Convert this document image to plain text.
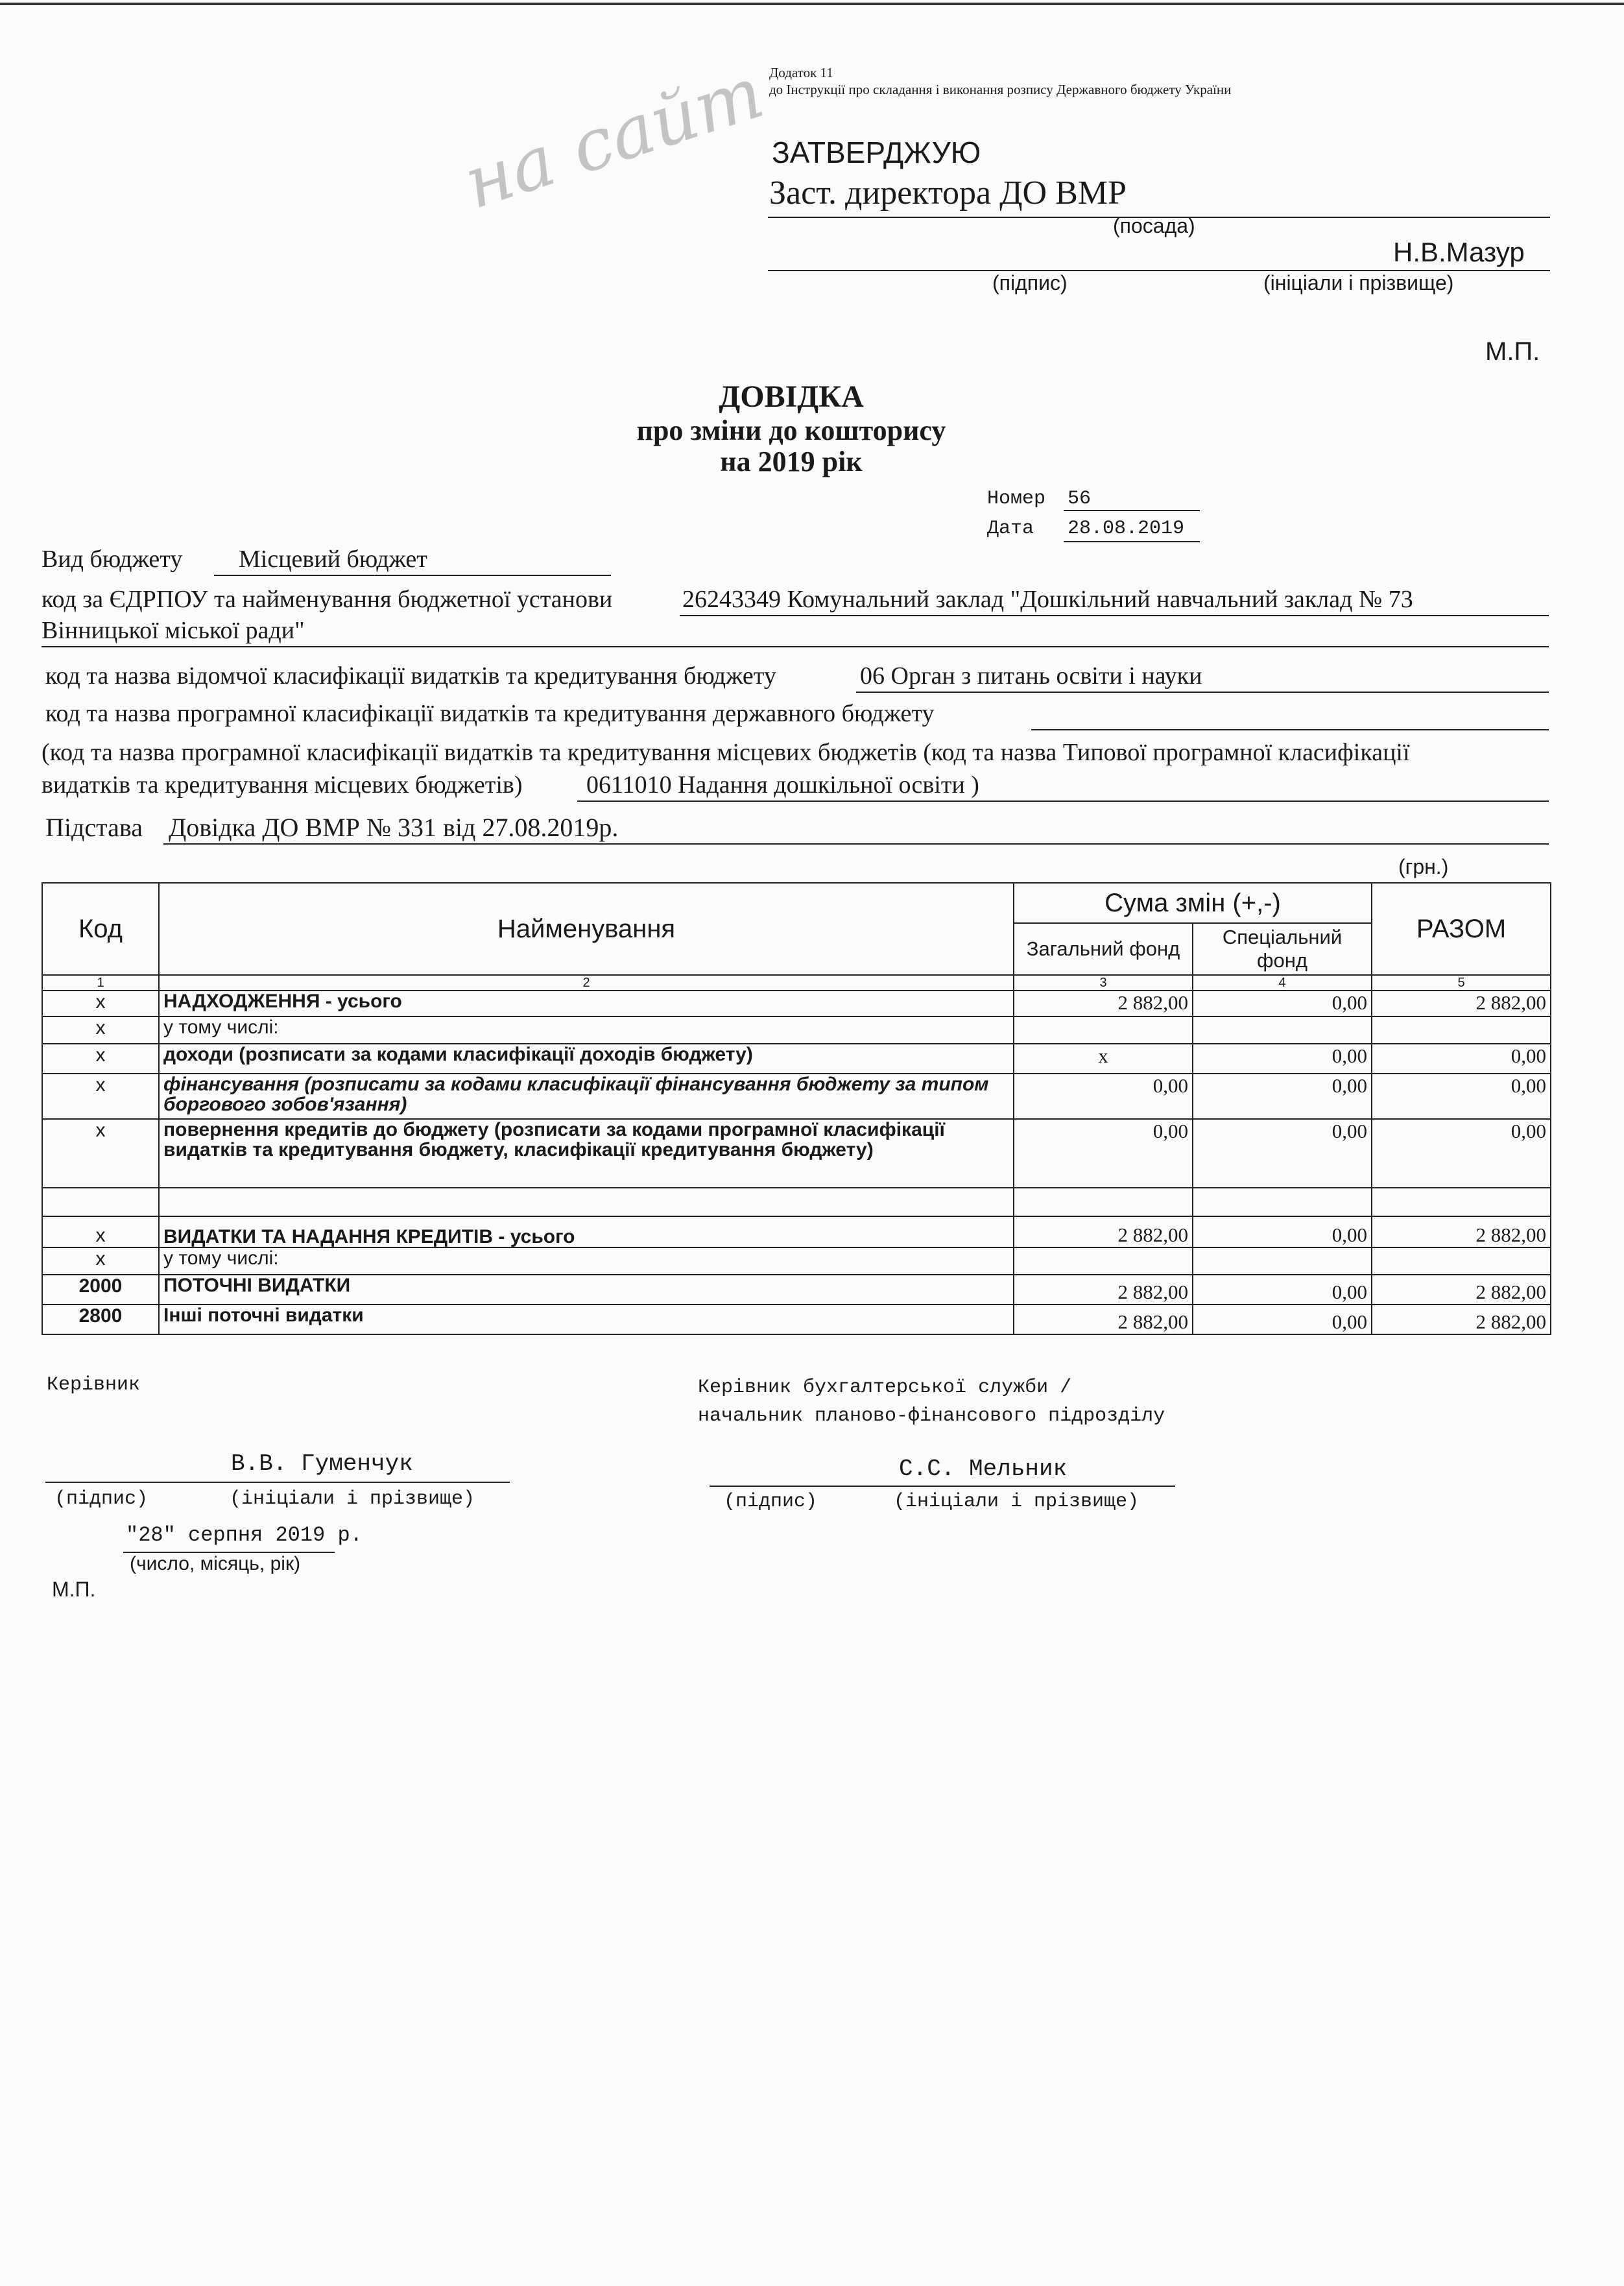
Додаток 11
до Інструкції про складання і виконання розпису Державного бюджету України
на сайт
ЗАТВЕРДЖУЮ
Заст. директора ДО ВМР
(посада)
Н.В.Мазур
(підпис)	(ініціали і прізвище)
М.П.
ДОВІДКА
про зміни до кошторису
на 2019 рік
Номер 56
Дата 28.08.2019
Вид бюджету Місцевий бюджет
код за ЄДРПОУ та найменування бюджетної установи	26243349 Комунальний заклад "Дошкільний навчальний заклад № 73
Вінницької міської ради"
код та назва відомчої класифікації видатків та кредитування бюджету	06 Орган з питань освіти і науки
код та назва програмної класифікації видатків та кредитування державного бюджету
(код та назва програмної класифікації видатків та кредитування місцевих бюджетів (код та назва Типової програмної класифікації
видатків та кредитування місцевих бюджетів)	0611010 Надання дошкільної освіти )
Підстава Довідка ДО ВМР № 331 від 27.08.2019р.
(грн.)
Код	Найменування	Сума змін (+,-)		РАЗОМ
		Загальний фонд	Спеціальний фонд	
1	2	3	4	5
х	НАДХОДЖЕННЯ - усього	2 882,00	0,00	2 882,00
х	у тому числі:			
х	доходи (розписати за кодами класифікації доходів бюджету)	х	0,00	0,00
х	фінансування (розписати за кодами класифікації фінансування бюджету за типом боргового зобов'язання)	0,00	0,00	0,00
х	повернення кредитів до бюджету (розписати за кодами програмної класифікації видатків та кредитування бюджету, класифікації кредитування бюджету)	0,00	0,00	0,00

х	ВИДАТКИ ТА НАДАННЯ КРЕДИТІВ - усього	2 882,00	0,00	2 882,00
х	у тому числі:			
2000	ПОТОЧНІ ВИДАТКИ	2 882,00	0,00	2 882,00
2800	Інші поточні видатки	2 882,00	0,00	2 882,00
Керівник
В.В. Гуменчук
(підпис)	(ініціали і прізвище)
"28" серпня 2019 р.
(число, місяць, рік)
М.П.
Керівник бухгалтерської служби /
начальник планово-фінансового підрозділу
С.С. Мельник
(підпис)	(ініціали і прізвище)
